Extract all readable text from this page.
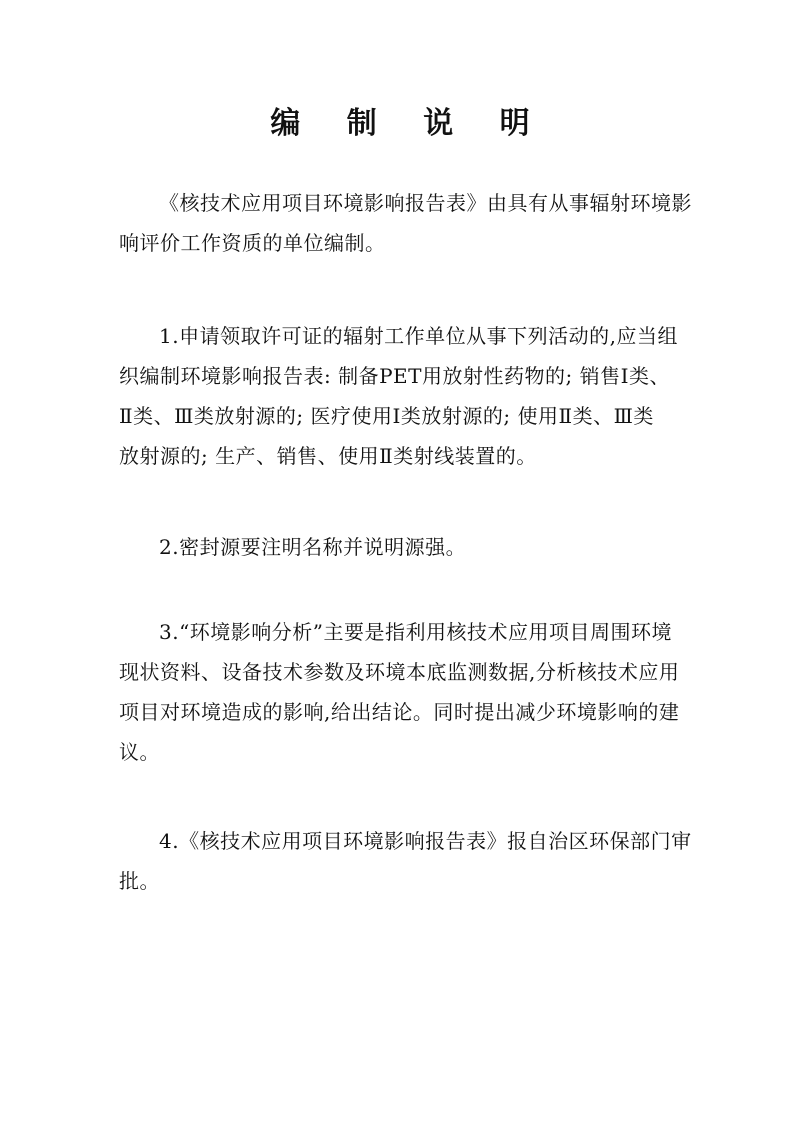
编 制 说 明
《核技术应用项目环境影响报告表》由具有从事辐射环境影
响评价工作资质的单位编制。
1.申请领取许可证的辐射工作单位从事下列活动的,应当组
织编制环境影响报告表: 制备PET用放射性药物的; 销售Ⅰ类、
Ⅱ类、Ⅲ类放射源的; 医疗使用Ⅰ类放射源的; 使用Ⅱ类、Ⅲ类
放射源的; 生产、销售、使用Ⅱ类射线装置的。
2.密封源要注明名称并说明源强。
3.“环境影响分析”主要是指利用核技术应用项目周围环境
现状资料、设备技术参数及环境本底监测数据,分析核技术应用
项目对环境造成的影响,给出结论。同时提出减少环境影响的建
议。
4.《核技术应用项目环境影响报告表》报自治区环保部门审
批。
